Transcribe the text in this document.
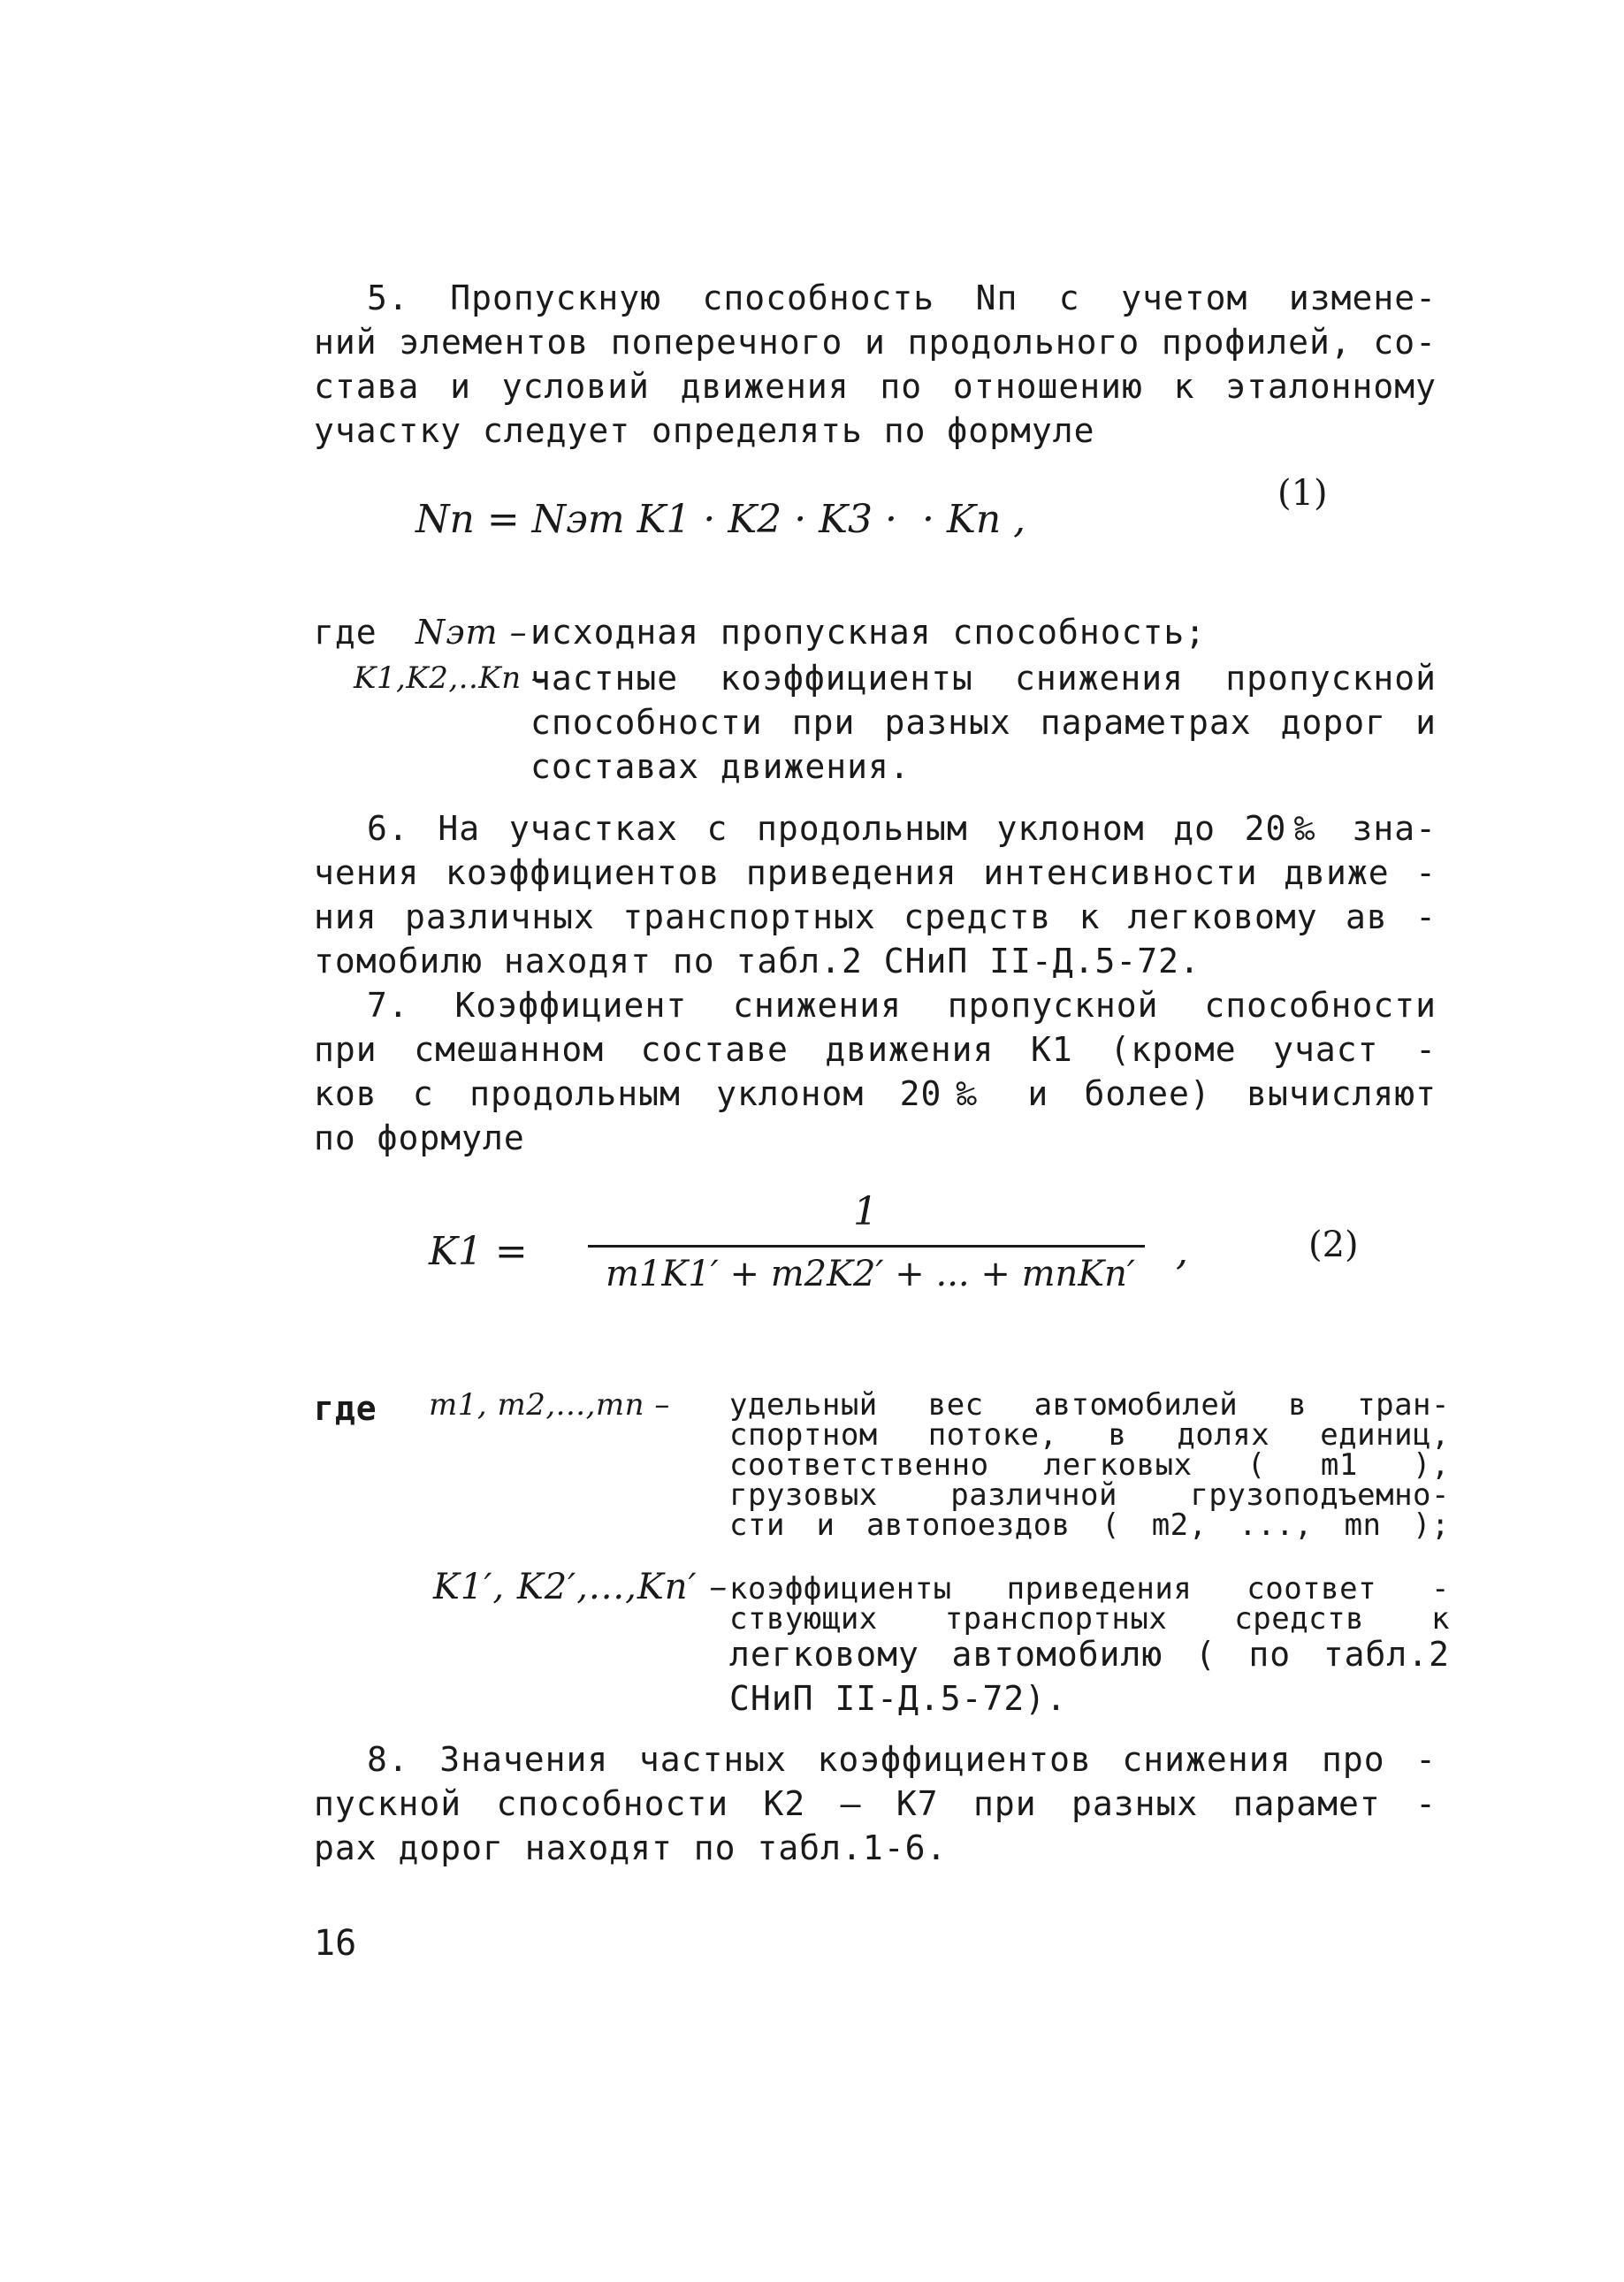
5. Пропускную способность Nп с учетом измене-
ний элементов поперечного и продольного профилей, со-
става и условий движения по отношению к эталонному
участку следует определять по формуле
Nп = Nэт K1 · K2 · K3 ·  · Kn ,
(1)
где Nэт – исходная пропускная способность;
K1,K2,..Kn –
частные коэффициенты снижения пропускной
способности при разных параметрах дорог и
составах движения.
6. На участках с продольным уклоном до 20‰ зна-
чения коэффициентов приведения интенсивности движе -
ния различных транспортных средств к легковому ав -
томобилю находят по табл.2 СНиП II-Д.5-72.
7. Коэффициент снижения пропускной способности
при смешанном составе движения K1 (кроме участ -
ков с продольным уклоном 20‰ и более) вычисляют
по формуле
K1 =
1
m1K1′ + m2K2′ + ... + mnKn′ ,	(2)
где m1, m2,...,mn – удельный вес автомобилей в тран-
спортном потоке, в долях единиц,
соответственно легковых ( m1 ),
грузовых различной грузоподъемно-
сти и автопоездов ( m2, ..., mn );
K1′, K2′,...,Kn′ – коэффициенты приведения соответ -
ствующих транспортных средств к
легковому автомобилю ( по табл.2
СНиП II-Д.5-72).
8. Значения частных коэффициентов снижения про -
пускной способности K2 – K7 при разных парамет -
рах дорог находят по табл.1-6.
16
